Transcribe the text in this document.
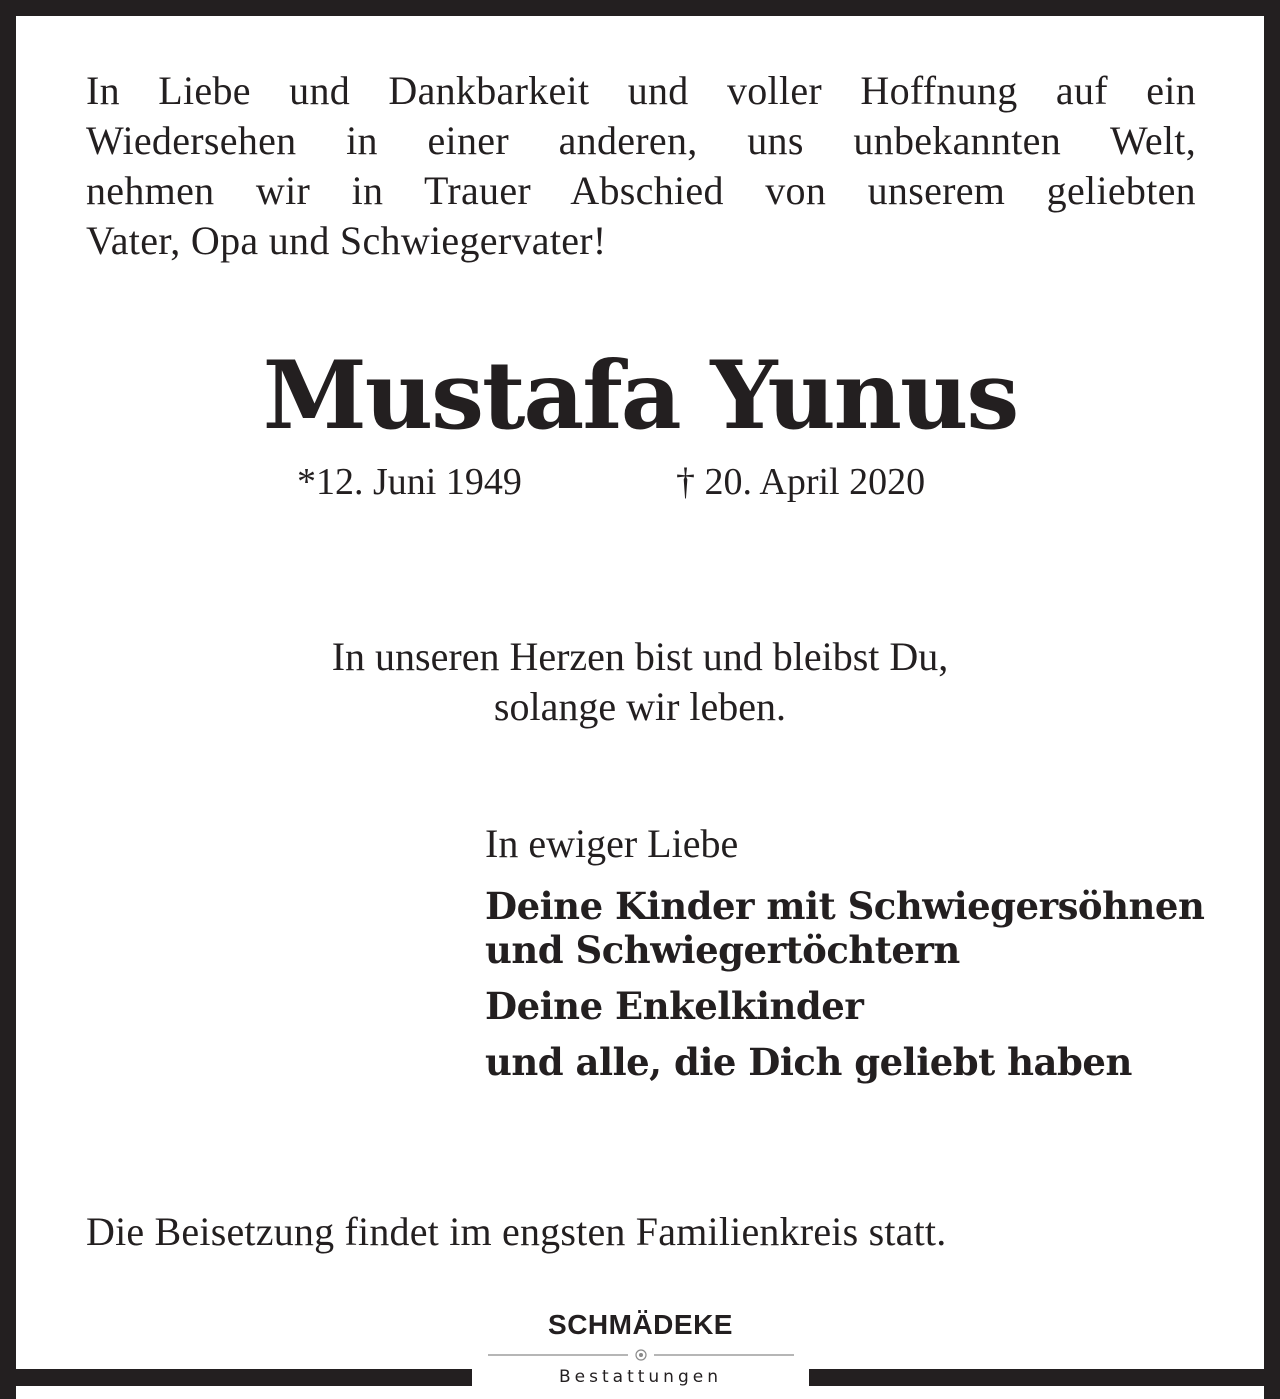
In Liebe und Dankbarkeit und voller Hoffnung auf ein
Wiedersehen in einer anderen, uns unbekannten Welt,
nehmen wir in Trauer Abschied von unserem geliebten
Vater, Opa und Schwiegervater!

Mustafa Yunus
*12. Juni 1949	† 20. April 2020
In unseren Herzen bist und bleibst Du,
solange wir leben.
In ewiger Liebe
Deine Kinder mit Schwiegersöhnen
und Schwiegertöchtern
Deine Enkelkinder
und alle, die Dich geliebt haben
Die Beisetzung findet im engsten Familienkreis statt.
SCHMÄDEKE
Bestattungen
